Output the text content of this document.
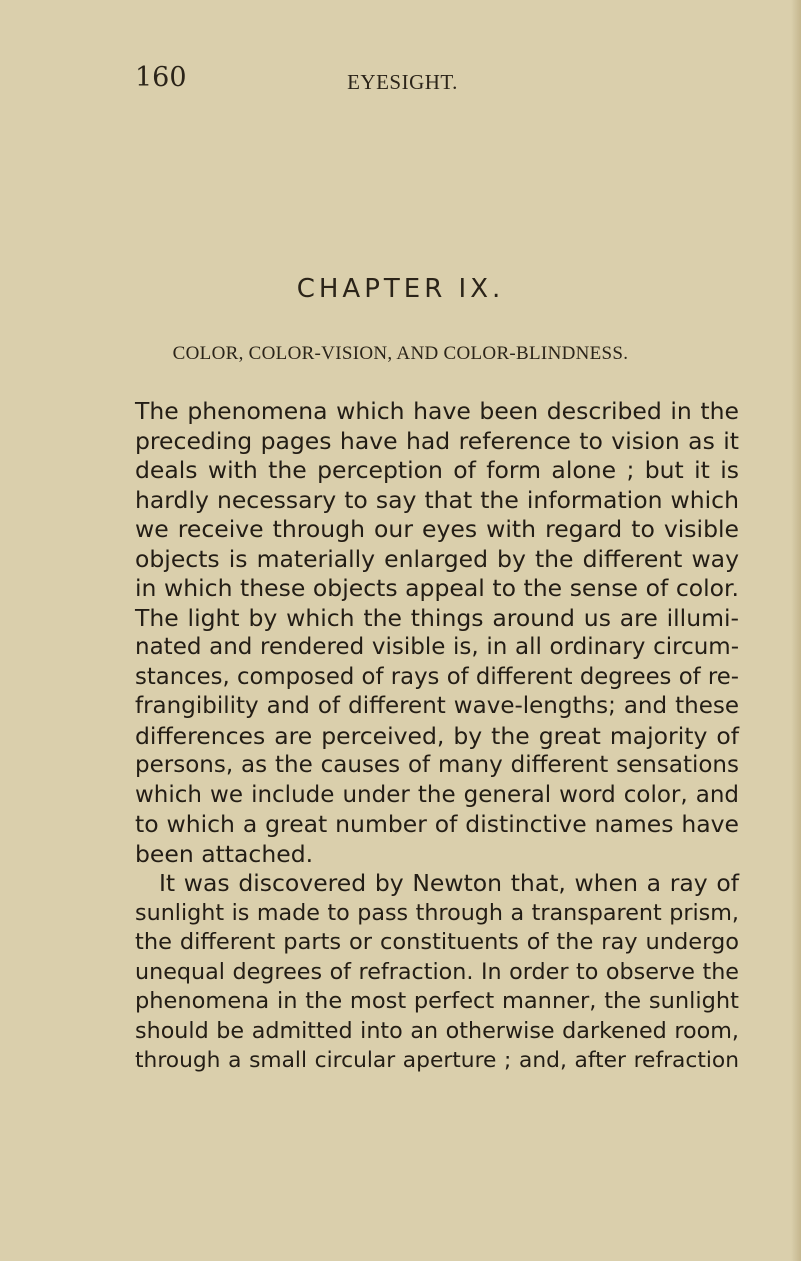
160	EYESIGHT.
CHAPTER IX.
COLOR, COLOR-VISION, AND COLOR-BLINDNESS.
The phenomena which have been described in the
preceding pages have had reference to vision as it
deals with the perception of form alone ; but it is
hardly necessary to say that the information which
we receive through our eyes with regard to visible
objects is materially enlarged by the different way
in which these objects appeal to the sense of color.
The light by which the things around us are illumi-
nated and rendered visible is, in all ordinary circum-
stances, composed of rays of different degrees of re-
frangibility and of different wave-lengths; and these
differences are perceived, by the great majority of
persons, as the causes of many different sensations
which we include under the general word color, and
to which a great number of distinctive names have
been attached.
It was discovered by Newton that, when a ray of
sunlight is made to pass through a transparent prism,
the different parts or constituents of the ray undergo
unequal degrees of refraction. In order to observe the
phenomena in the most perfect manner, the sunlight
should be admitted into an otherwise darkened room,
through a small circular aperture ; and, after refraction
